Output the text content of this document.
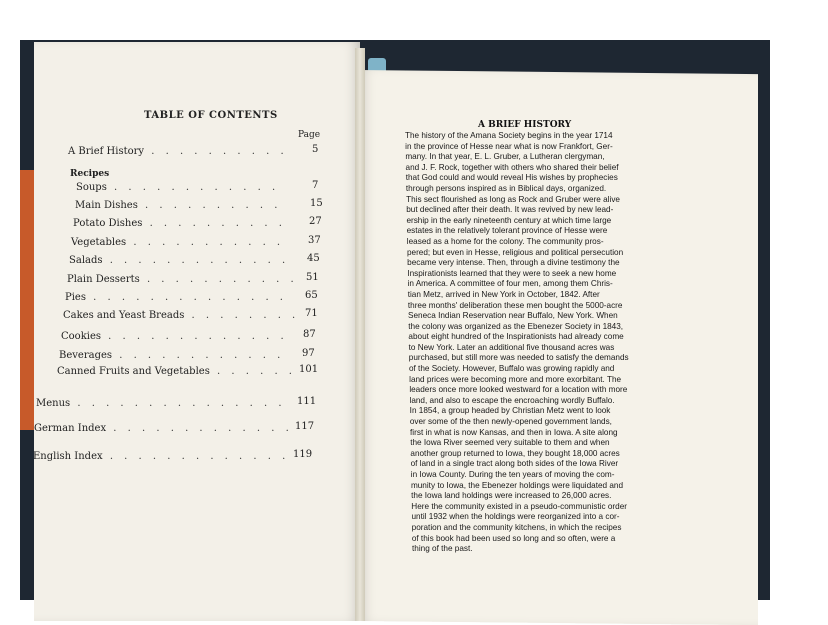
TABLE OF CONTENTS
Page
Recipes
A Brief History . . . . . . . . . . 5
Soups . . . . . . . . . . . .	7
Main Dishes . . . . . . . . . .	15
Potato Dishes . . . . . . . . . . 27
Vegetables . . . . . . . . . . . 37
Salads . . . . . . . . . . . . . 45
Plain Desserts . . . . . . . . . . . 51
Pies . . . . . . . . . . . . . . 65
Cakes and Yeast Breads . . . . . . . . 71
Cookies . . . . . . . . . . . . . 87
Beverages . . . . . . . . . . . . 97
Canned Fruits and Vegetables . . . . . . 101
Menus . . . . . . . . . . . . . . . 111
German Index . . . . . . . . . . . . . 117
English Index . . . . . . . . . . . . . 119
A BRIEF HISTORY
The history of the Amana Society begins in the year 1714
in the province of Hesse near what is now Frankfort, Ger-
many. In that year, E. L. Gruber, a Lutheran clergyman,
and J. F. Rock, together with others who shared their belief
that God could and would reveal His wishes by prophecies
through persons inspired as in Biblical days, organized.
This sect flourished as long as Rock and Gruber were alive
but declined after their death. It was revived by new lead-
ership in the early nineteenth century at which time large
estates in the relatively tolerant province of Hesse were
leased as a home for the colony. The community pros-
pered; but even in Hesse, religious and political persecution
became very intense. Then, through a divine testimony the
Inspirationists learned that they were to seek a new home
in America. A committee of four men, among them Chris-
tian Metz, arrived in New York in October, 1842. After
three months' deliberation these men bought the 5000-acre
Seneca Indian Reservation near Buffalo, New York. When
the colony was organized as the Ebenezer Society in 1843,
about eight hundred of the Inspirationists had already come
to New York. Later an additional five thousand acres was
purchased, but still more was needed to satisfy the demands
of the Society. However, Buffalo was growing rapidly and
land prices were becoming more and more exorbitant. The
leaders once more looked westward for a location with more
land, and also to escape the encroaching wordly Buffalo.
In 1854, a group headed by Christian Metz went to look
over some of the then newly-opened government lands,
first in what is now Kansas, and then in Iowa. A site along
the Iowa River seemed very suitable to them and when
another group returned to Iowa, they bought 18,000 acres
of land in a single tract along both sides of the Iowa River
in Iowa County. During the ten years of moving the com-
munity to Iowa, the Ebenezer holdings were liquidated and
the Iowa land holdings were increased to 26,000 acres.
Here the community existed in a pseudo-communistic order
until 1932 when the holdings were reorganized into a cor-
poration and the community kitchens, in which the recipes
of this book had been used so long and so often, were a
thing of the past.
